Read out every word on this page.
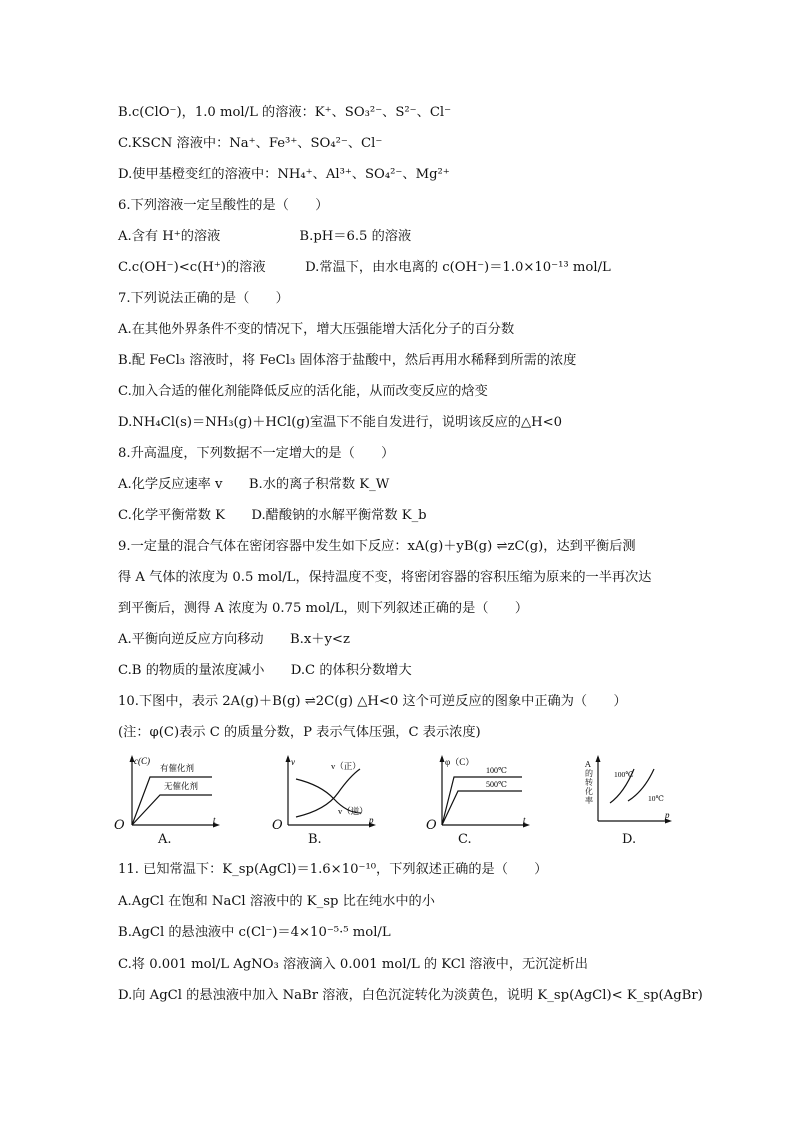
B.c(ClO⁻)，1.0 mol/L 的溶液：K⁺、SO₃²⁻、S²⁻、Cl⁻
C.KSCN 溶液中：Na⁺、Fe³⁺、SO₄²⁻、Cl⁻
D.使甲基橙变红的溶液中：NH₄⁺、Al³⁺、SO₄²⁻、Mg²⁺
6.下列溶液一定呈酸性的是（　　）
A.含有 H⁺的溶液　　　　　　B.pH＝6.5 的溶液
C.c(OH⁻)<c(H⁺)的溶液　　　D.常温下，由水电离的 c(OH⁻)＝1.0×10⁻¹³ mol/L
7.下列说法正确的是（　　）
A.在其他外界条件不变的情况下，增大压强能增大活化分子的百分数
B.配 FeCl₃ 溶液时，将 FeCl₃ 固体溶于盐酸中，然后再用水稀释到所需的浓度
C.加入合适的催化剂能降低反应的活化能，从而改变反应的焓变
D.NH₄Cl(s)＝NH₃(g)＋HCl(g)室温下不能自发进行，说明该反应的△H<0
8.升高温度，下列数据不一定增大的是（　　）
A.化学反应速率 v　　B.水的离子积常数 K_W
C.化学平衡常数 K　　D.醋酸钠的水解平衡常数 K_b
9.一定量的混合气体在密闭容器中发生如下反应：xA(g)＋yB(g) ⇌zC(g)，达到平衡后测
得 A 气体的浓度为 0.5 mol/L，保持温度不变，将密闭容器的容积压缩为原来的一半再次达
到平衡后，测得 A 浓度为 0.75 mol/L，则下列叙述正确的是（　　）
A.平衡向逆反应方向移动　　B.x＋y<z
C.B 的物质的量浓度减小　　D.C 的体积分数增大
10.下图中，表示 2A(g)＋B(g) ⇌2C(g) △H<0 这个可逆反应的图象中正确为（　　）
(注：φ(C)表示 C 的质量分数，P 表示气体压强，C 表示浓度)
c(C)
有催化剂
无催化剂
t
O
A.
v	v（正）
v（逆）
p
O
B.
φ（C）
100℃
500℃
t
O
C.
100℃
10℃
p
A的转化率
D.
11. 已知常温下：K_sp(AgCl)＝1.6×10⁻¹⁰，下列叙述正确的是（　　）
A.AgCl 在饱和 NaCl 溶液中的 K_sp 比在纯水中的小
B.AgCl 的悬浊液中 c(Cl⁻)＝4×10⁻⁵·⁵ mol/L
C.将 0.001 mol/L AgNO₃ 溶液滴入 0.001 mol/L 的 KCl 溶液中，无沉淀析出
D.向 AgCl 的悬浊液中加入 NaBr 溶液，白色沉淀转化为淡黄色，说明 K_sp(AgCl)< K_sp(AgBr)
